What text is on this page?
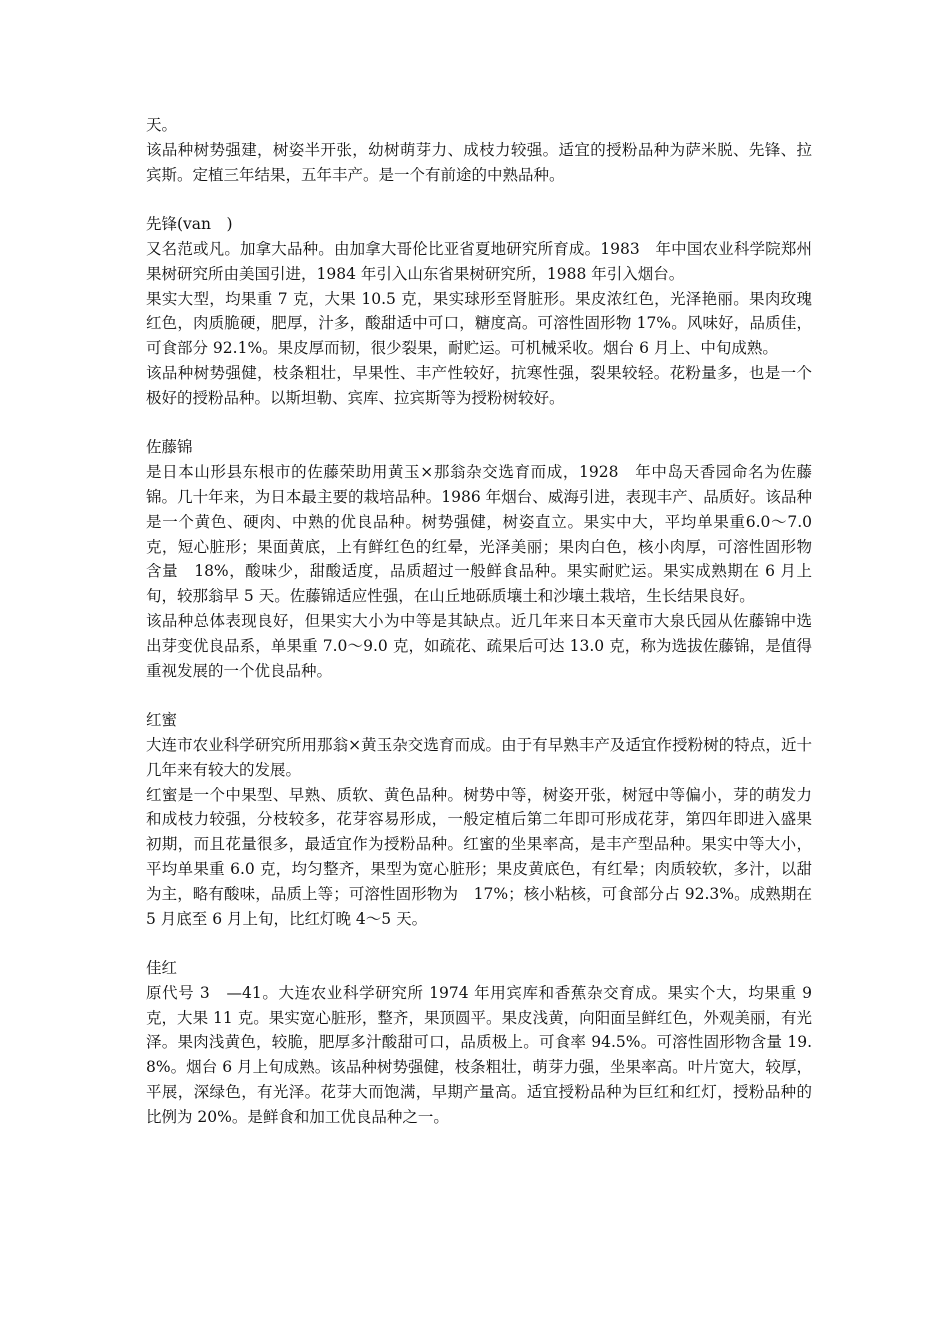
天。

该品种树势强建，树姿半开张，幼树萌芽力、成枝力较强。适宜的授粉品种为萨米脱、先锋、拉宾斯。定植三年结果，五年丰产。是一个有前途的中熟品种。

先锋(van　)

又名范或凡。加拿大品种。由加拿大哥伦比亚省夏地研究所育成。1983　年中国农业科学院郑州果树研究所由美国引进，1984 年引入山东省果树研究所，1988 年引入烟台。

果实大型，均果重 7 克，大果 10.5 克，果实球形至肾脏形。果皮浓红色，光泽艳丽。果肉玫瑰红色，肉质脆硬，肥厚，汁多，酸甜适中可口，糖度高。可溶性固形物 17%。风味好，品质佳，可食部分 92.1%。果皮厚而韧，很少裂果，耐贮运。可机械采收。烟台 6 月上、中旬成熟。

该品种树势强健，枝条粗壮，早果性、丰产性较好，抗寒性强，裂果较轻。花粉量多，也是一个极好的授粉品种。以斯坦勒、宾库、拉宾斯等为授粉树较好。

佐藤锦

是日本山形县东根市的佐藤荣助用黄玉×那翁杂交选育而成，1928　年中岛天香园命名为佐藤锦。几十年来，为日本最主要的栽培品种。1986 年烟台、威海引进，表现丰产、品质好。该品种是一个黄色、硬肉、中熟的优良品种。树势强健，树姿直立。果实中大，平均单果重6.0～7.0 克，短心脏形；果面黄底，上有鲜红色的红晕，光泽美丽；果肉白色，核小肉厚，可溶性固形物含量　18%，酸味少，甜酸适度，品质超过一般鲜食品种。果实耐贮运。果实成熟期在 6 月上旬，较那翁早 5 天。佐藤锦适应性强，在山丘地砾质壤土和沙壤土栽培，生长结果良好。

该品种总体表现良好，但果实大小为中等是其缺点。近几年来日本天童市大泉氏园从佐藤锦中选出芽变优良品系，单果重 7.0～9.0 克，如疏花、疏果后可达 13.0 克，称为选拔佐藤锦，是值得重视发展的一个优良品种。

红蜜

大连市农业科学研究所用那翁×黄玉杂交选育而成。由于有早熟丰产及适宜作授粉树的特点，近十几年来有较大的发展。

红蜜是一个中果型、早熟、质软、黄色品种。树势中等，树姿开张，树冠中等偏小，芽的萌发力和成枝力较强，分枝较多，花芽容易形成，一般定植后第二年即可形成花芽，第四年即进入盛果初期，而且花量很多，最适宜作为授粉品种。红蜜的坐果率高，是丰产型品种。果实中等大小，平均单果重 6.0 克，均匀整齐，果型为宽心脏形；果皮黄底色，有红晕；肉质较软，多汁，以甜为主，略有酸味，品质上等；可溶性固形物为　17%；核小粘核，可食部分占 92.3%。成熟期在 5 月底至 6 月上旬，比红灯晚 4～5 天。

佳红

原代号 3　—41。大连农业科学研究所 1974 年用宾库和香蕉杂交育成。果实个大，均果重 9克，大果 11 克。果实宽心脏形，整齐，果顶圆平。果皮浅黄，向阳面呈鲜红色，外观美丽，有光泽。果肉浅黄色，较脆，肥厚多汁酸甜可口，品质极上。可食率 94.5%。可溶性固形物含量 19.8%。烟台 6 月上旬成熟。该品种树势强健，枝条粗壮，萌芽力强，坐果率高。叶片宽大，较厚，平展，深绿色，有光泽。花芽大而饱满，早期产量高。适宜授粉品种为巨红和红灯，授粉品种的比例为 20%。是鲜食和加工优良品种之一。
